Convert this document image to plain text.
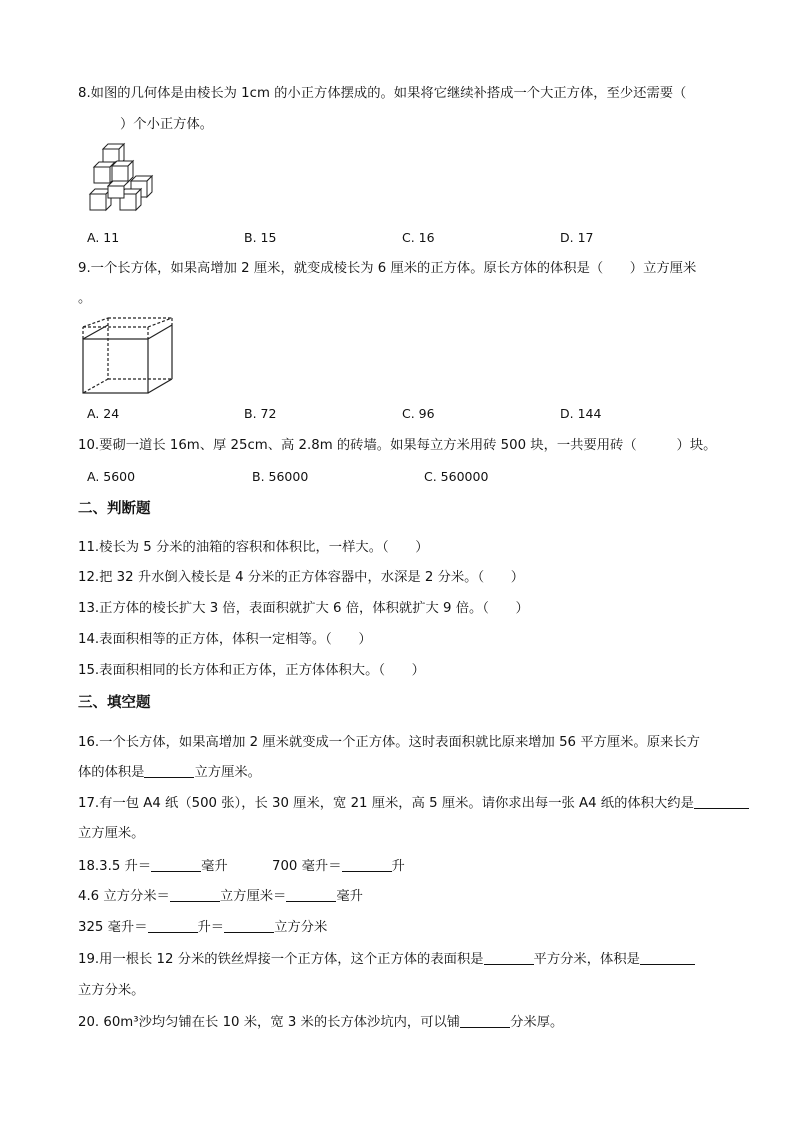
8.如图的几何体是由棱长为 1cm 的小正方体摆成的。如果将它继续补搭成一个大正方体，至少还需要（
）个小正方体。
A. 11	B. 15	C. 16	D. 17
9.一个长方体，如果高增加 2 厘米，就变成棱长为 6 厘米的正方体。原长方体的体积是（　　）立方厘米
。
A. 24	B. 72	C. 96	D. 144
10.要砌一道长 16m、厚 25cm、高 2.8m 的砖墙。如果每立方米用砖 500 块，一共要用砖（　　　）块。
A. 5600	B. 56000	C. 560000
二、判断题
11.棱长为 5 分米的油箱的容积和体积比，一样大。（　　）
12.把 32 升水倒入棱长是 4 分米的正方体容器中，水深是 2 分米。（　　）
13.正方体的棱长扩大 3 倍，表面积就扩大 6 倍，体积就扩大 9 倍。（　　）
14.表面积相等的正方体，体积一定相等。（　　）
15.表面积相同的长方体和正方体，正方体体积大。（　　）
三、填空题
16.一个长方体，如果高增加 2 厘米就变成一个正方体。这时表面积就比原来增加 56 平方厘米。原来长方
体的体积是	立方厘米。
17.有一包 A4 纸（500 张），长 30 厘米，宽 21 厘米，高 5 厘米。请你求出每一张 A4 纸的体积大约是
立方厘米。
18.3.5 升＝	毫升	700 毫升＝	升
4.6 立方分米＝	立方厘米＝	毫升
325 毫升＝	升＝	立方分米
19.用一根长 12 分米的铁丝焊接一个正方体，这个正方体的表面积是	平方分米，体积是
立方分米。
20. 60m³沙均匀铺在长 10 米，宽 3 米的长方体沙坑内，可以铺	分米厚。
